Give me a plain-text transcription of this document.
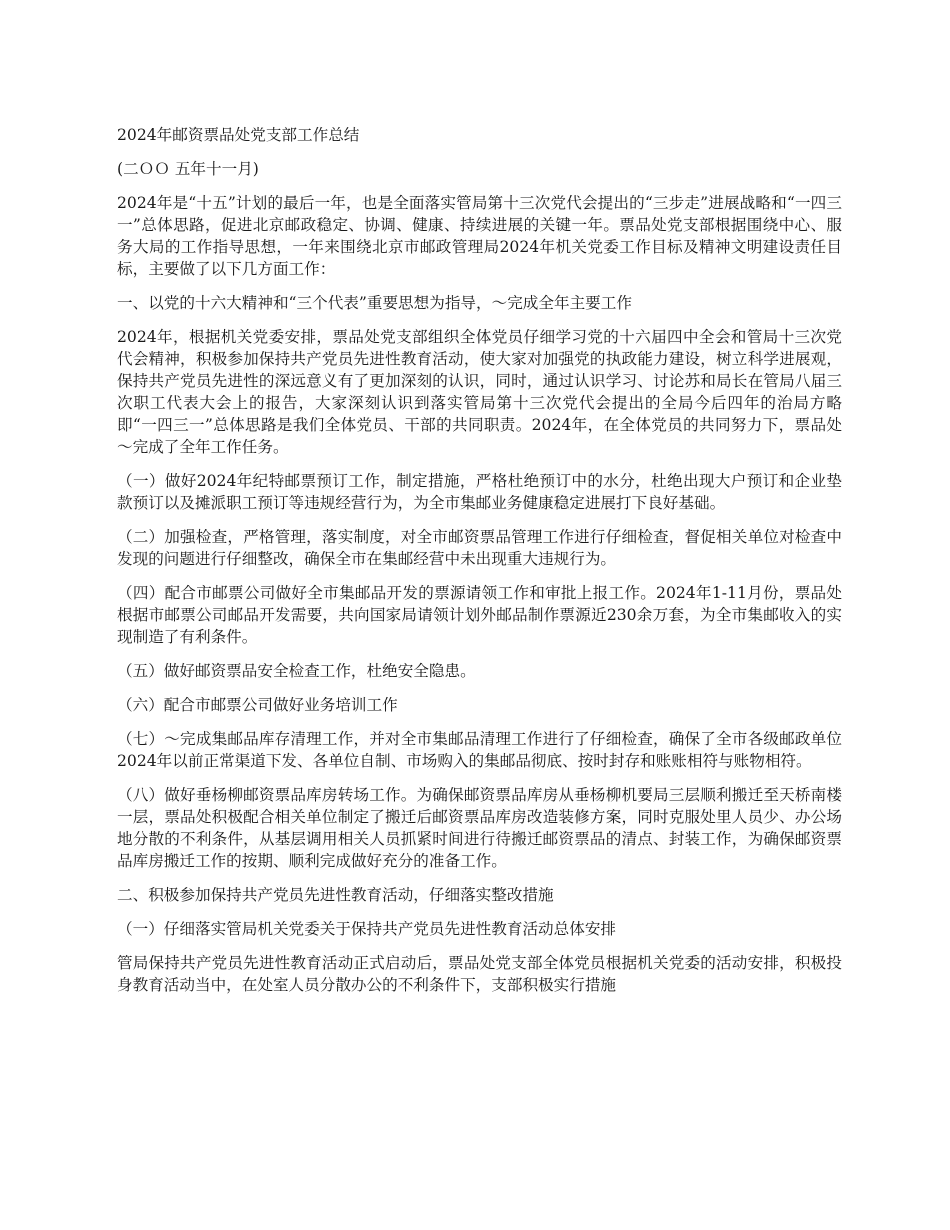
2024年邮资票品处党支部工作总结

(二ＯＯ 五年十一月)

2024年是“十五”计划的最后一年，也是全面落实管局第十三次党代会提出的“三步走”进展战略和“一四三一”总体思路，促进北京邮政稳定、协调、健康、持续进展的关键一年。票品处党支部根据围绕中心、服务大局的工作指导思想，一年来围绕北京市邮政管理局2024年机关党委工作目标及精神文明建设责任目标，主要做了以下几方面工作：

一、以党的十六大精神和“三个代表”重要思想为指导，～完成全年主要工作

2024年，根据机关党委安排，票品处党支部组织全体党员仔细学习党的十六届四中全会和管局十三次党代会精神，积极参加保持共产党员先进性教育活动，使大家对加强党的执政能力建设，树立科学进展观，保持共产党员先进性的深远意义有了更加深刻的认识，同时，通过认识学习、讨论苏和局长在管局八届三次职工代表大会上的报告，大家深刻认识到落实管局第十三次党代会提出的全局今后四年的治局方略即“一四三一”总体思路是我们全体党员、干部的共同职责。2024年，在全体党员的共同努力下，票品处～完成了全年工作任务。

（一）做好2024年纪特邮票预订工作，制定措施，严格杜绝预订中的水分，杜绝出现大户预订和企业垫款预订以及摊派职工预订等违规经营行为，为全市集邮业务健康稳定进展打下良好基础。

（二）加强检查，严格管理，落实制度，对全市邮资票品管理工作进行仔细检查，督促相关单位对检查中发现的问题进行仔细整改，确保全市在集邮经营中未出现重大违规行为。

（四）配合市邮票公司做好全市集邮品开发的票源请领工作和审批上报工作。2024年1-11月份，票品处根据市邮票公司邮品开发需要，共向国家局请领计划外邮品制作票源近230余万套，为全市集邮收入的实现制造了有利条件。

（五）做好邮资票品安全检查工作，杜绝安全隐患。

（六）配合市邮票公司做好业务培训工作

（七）～完成集邮品库存清理工作，并对全市集邮品清理工作进行了仔细检查，确保了全市各级邮政单位2024年以前正常渠道下发、各单位自制、市场购入的集邮品彻底、按时封存和账账相符与账物相符。

（八）做好垂杨柳邮资票品库房转场工作。为确保邮资票品库房从垂杨柳机要局三层顺利搬迁至天桥南楼一层，票品处积极配合相关单位制定了搬迁后邮资票品库房改造装修方案，同时克服处里人员少、办公场地分散的不利条件，从基层调用相关人员抓紧时间进行待搬迁邮资票品的清点、封装工作，为确保邮资票品库房搬迁工作的按期、顺利完成做好充分的准备工作。

二、积极参加保持共产党员先进性教育活动，仔细落实整改措施

（一）仔细落实管局机关党委关于保持共产党员先进性教育活动总体安排

管局保持共产党员先进性教育活动正式启动后，票品处党支部全体党员根据机关党委的活动安排，积极投身教育活动当中，在处室人员分散办公的不利条件下，支部积极实行措施
